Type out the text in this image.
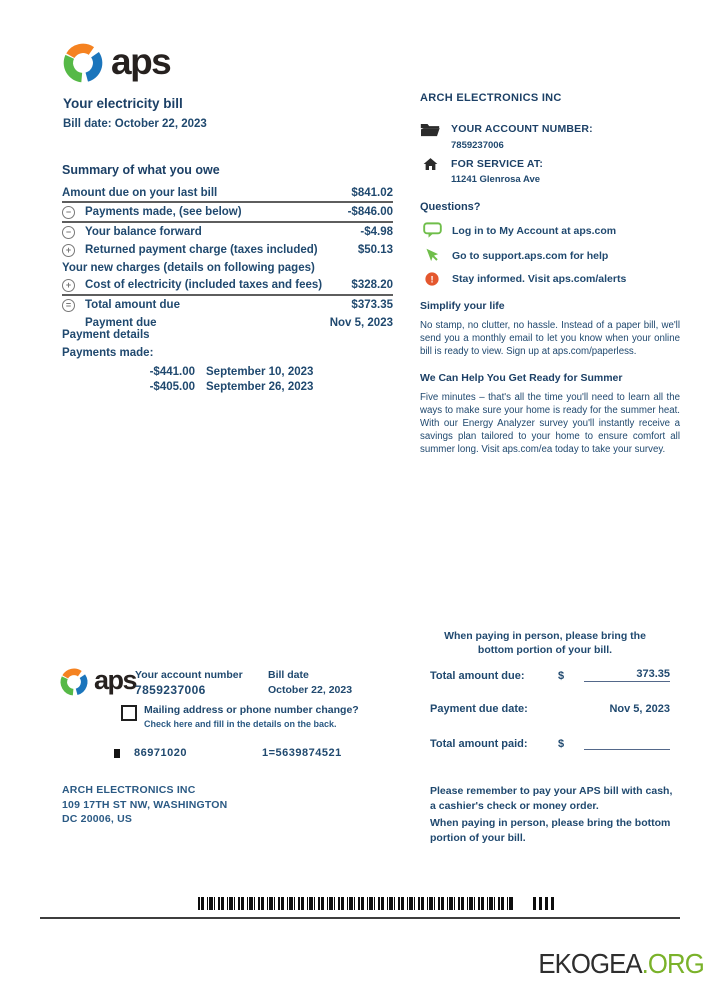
aps
Your electricity bill
Bill date: October 22, 2023
Summary of what you owe
Amount due on your last bill	$841.02
−	Payments made, (see below)	-$846.00
−	Your balance forward	-$4.98
+	Returned payment charge (taxes included)	$50.13
Your new charges (details on following pages)
+	Cost of electricity (included taxes and fees)	$328.20
=	Total amount due	$373.35
Payment due	Nov 5, 2023
Payment details
Payments made:
-$441.00 September 10, 2023
-$405.00 September 26, 2023
ARCH ELECTRONICS INC
YOUR ACCOUNT NUMBER:
7859237006
FOR SERVICE AT:
11241 Glenrosa Ave
Questions?
Log in to My Account at aps.com
Go to support.aps.com for help
! Stay informed. Visit aps.com/alerts
Simplify your life
No stamp, no clutter, no hassle. Instead of a paper bill, we'll send you a monthly email to let you know when your online bill is ready to view. Sign up at aps.com/paperless.
We Can Help You Get Ready for Summer
Five minutes – that's all the time you'll need to learn all the ways to make sure your home is ready for the summer heat. With our Energy Analyzer survey you'll instantly receive a savings plan tailored to your home to ensure comfort all summer long. Visit aps.com/ea today to take your survey.
aps
Your account number
7859237006
Bill date
October 22, 2023
Mailing address or phone number change?
Check here and fill in the details on the back.
86971020	1=5639874521
ARCH ELECTRONICS INC
109 17TH ST NW, WASHINGTON
DC 20006, US
When paying in person, please bring the bottom portion of your bill.
Total amount due:	$	373.35
Payment due date:	Nov 5, 2023
Total amount paid:	$

Please remember to pay your APS bill with cash, a cashier's check or money order.

When paying in person, please bring the bottom portion of your bill.

EKOGEA.ORG
